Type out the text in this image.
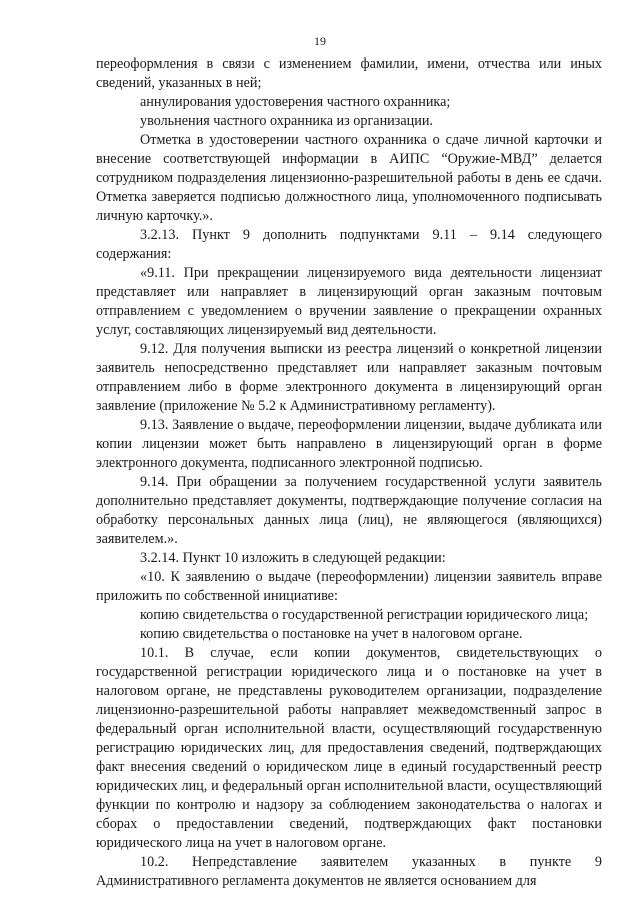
19

переоформления в связи с изменением фамилии, имени, отчества или иных сведений, указанных в ней;

аннулирования удостоверения частного охранника;

увольнения частного охранника из организации.

Отметка в удостоверении частного охранника о сдаче личной карточки и внесение соответствующей информации в АИПС “Оружие-МВД” делается сотрудником подразделения лицензионно-разрешительной работы в день ее сдачи. Отметка заверяется подписью должностного лица, уполномоченного подписывать личную карточку.».

3.2.13. Пункт 9 дополнить подпунктами 9.11 – 9.14 следующего содержания:

«9.11. При прекращении лицензируемого вида деятельности лицензиат представляет или направляет в лицензирующий орган заказным почтовым отправлением с уведомлением о вручении заявление о прекращении охранных услуг, составляющих лицензируемый вид деятельности.

9.12. Для получения выписки из реестра лицензий о конкретной лицензии заявитель непосредственно представляет или направляет заказным почтовым отправлением либо в форме электронного документа в лицензирующий орган заявление (приложение № 5.2 к Административному регламенту).

9.13. Заявление о выдаче, переоформлении лицензии, выдаче дубликата или копии лицензии может быть направлено в лицензирующий орган в форме электронного документа, подписанного электронной подписью.

9.14. При обращении за получением государственной услуги заявитель дополнительно представляет документы, подтверждающие получение согласия на обработку персональных данных лица (лиц), не являющегося (являющихся) заявителем.».

3.2.14. Пункт 10 изложить в следующей редакции:

«10. К заявлению о выдаче (переоформлении) лицензии заявитель вправе приложить по собственной инициативе:

копию свидетельства о государственной регистрации юридического лица;

копию свидетельства о постановке на учет в налоговом органе.

10.1. В случае, если копии документов, свидетельствующих о государственной регистрации юридического лица и о постановке на учет в налоговом органе, не представлены руководителем организации, подразделение лицензионно-разрешительной работы направляет межведомственный запрос в федеральный орган исполнительной власти, осуществляющий государственную регистрацию юридических лиц, для предоставления сведений, подтверждающих факт внесения сведений о юридическом лице в единый государственный реестр юридических лиц, и федеральный орган исполнительной власти, осуществляющий функции по контролю и надзору за соблюдением законодательства о налогах и сборах о предоставлении сведений, подтверждающих факт постановки юридического лица на учет в налоговом органе.

10.2. Непредставление заявителем указанных в пункте 9 Административного регламента документов не является основанием для
